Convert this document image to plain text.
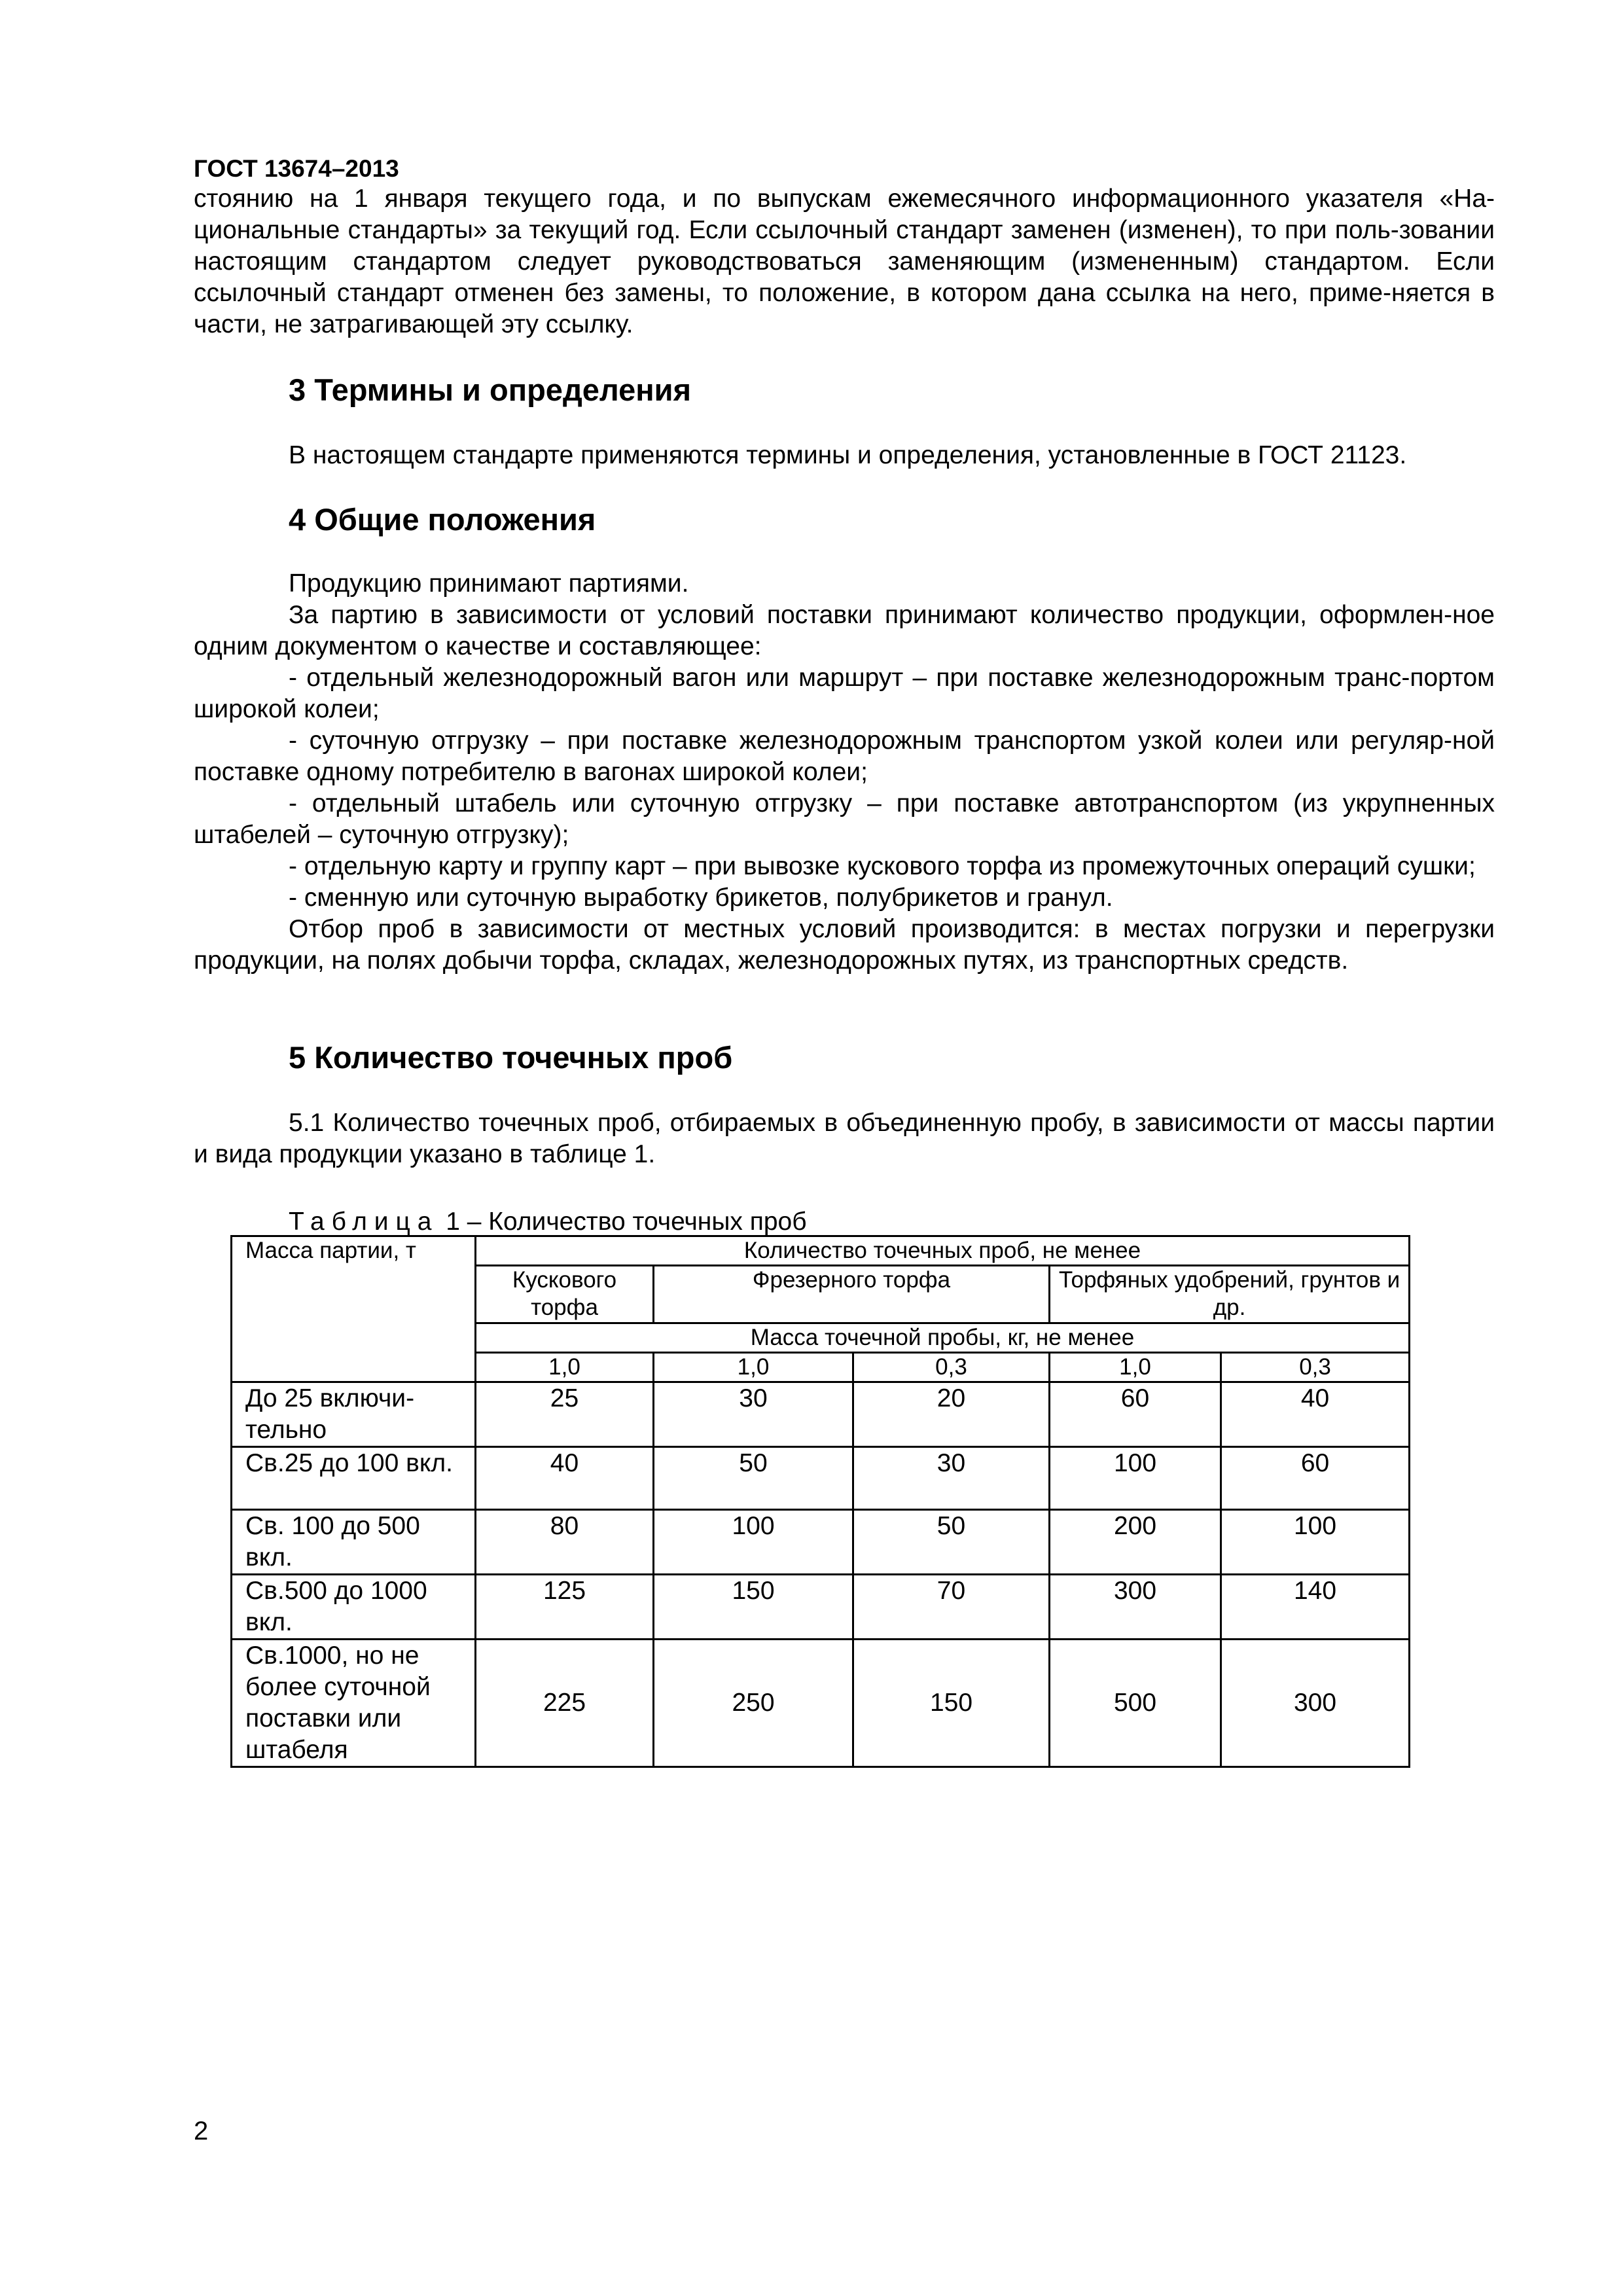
ГОСТ 13674–2013

стоянию на 1 января текущего года, и по выпускам ежемесячного информационного указателя «На-циональные стандарты» за текущий год. Если ссылочный стандарт заменен (изменен), то при поль-зовании настоящим стандартом следует руководствоваться заменяющим (измененным) стандартом. Если ссылочный стандарт отменен без замены, то положение, в котором дана ссылка на него, приме-няется в части, не затрагивающей эту ссылку.

3 Термины и определения

В настоящем стандарте применяются термины и определения, установленные в ГОСТ 21123.

4 Общие положения

Продукцию принимают партиями.

За партию в зависимости от условий поставки принимают количество продукции, оформлен-ное одним документом о качестве и составляющее:

- отдельный железнодорожный вагон или маршрут – при поставке железнодорожным транс-портом широкой колеи;

- суточную отгрузку – при поставке железнодорожным транспортом узкой колеи или регуляр-ной поставке одному потребителю в вагонах широкой колеи;

- отдельный штабель или суточную отгрузку – при поставке автотранспортом (из укрупненных штабелей – суточную отгрузку);

- отдельную карту и группу карт – при вывозке кускового торфа из промежуточных операций сушки;

- сменную или суточную выработку брикетов, полубрикетов и гранул.

Отбор проб в зависимости от местных условий производится: в местах погрузки и перегрузки продукции, на полях добычи торфа, складах, железнодорожных путях, из транспортных средств.

5 Количество точечных проб

5.1 Количество точечных проб, отбираемых в объединенную пробу, в зависимости от массы партии и вида продукции указано в таблице 1.

Таблица 1 – Количество точечных проб
Масса партии, т	Количество точечных проб, не менее				
	Кускового торфа	Фрезерного торфа		Торфяных удобрений, грунтов и др.	
	Масса точечной пробы, кг, не менее				
	1,0	1,0	0,3	1,0	0,3
До 25 включи-тельно	25	30	20	60	40
Св.25 до 100 вкл.	40	50	30	100	60
Св. 100 до 500 вкл.	80	100	50	200	100
Св.500 до 1000 вкл.	125	150	70	300	140
Св.1000, но не более суточной поставки или штабеля	225	250	150	500	300
2
